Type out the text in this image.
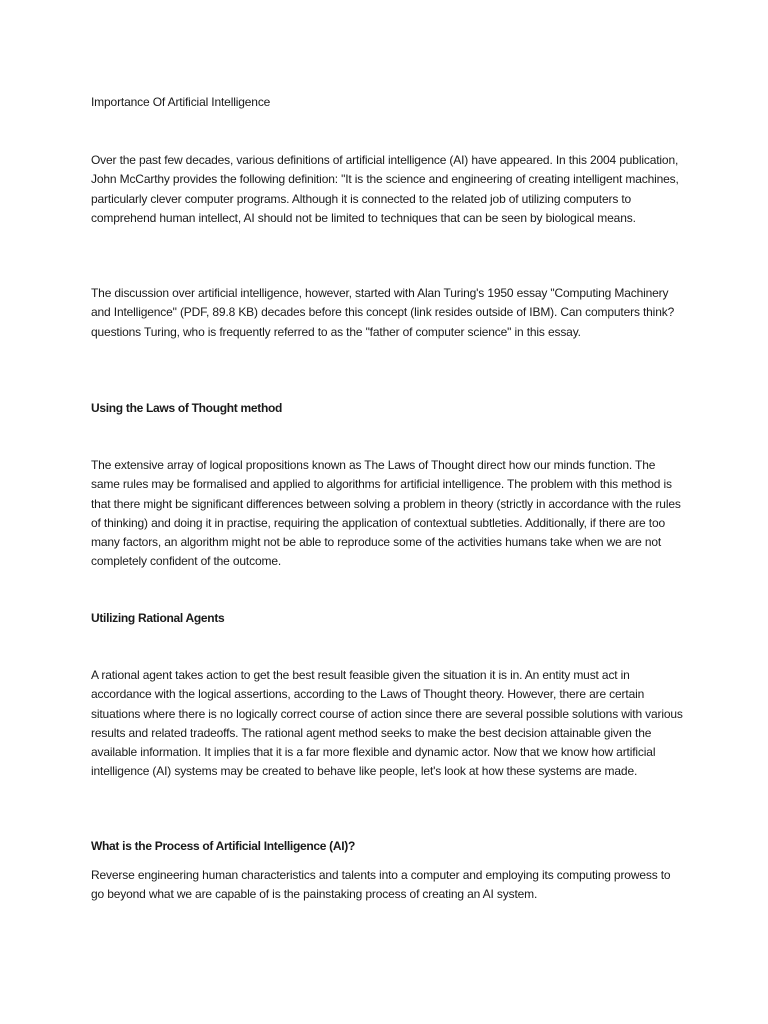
Importance Of Artificial Intelligence
Over the past few decades, various definitions of artificial intelligence (AI) have appeared. In this 2004 publication, John McCarthy provides the following definition: "It is the science and engineering of creating intelligent machines, particularly clever computer programs. Although it is connected to the related job of utilizing computers to comprehend human intellect, AI should not be limited to techniques that can be seen by biological means.
The discussion over artificial intelligence, however, started with Alan Turing's 1950 essay "Computing Machinery and Intelligence" (PDF, 89.8 KB) decades before this concept (link resides outside of IBM). Can computers think? questions Turing, who is frequently referred to as the "father of computer science" in this essay.
Using the Laws of Thought method
The extensive array of logical propositions known as The Laws of Thought direct how our minds function. The same rules may be formalised and applied to algorithms for artificial intelligence. The problem with this method is that there might be significant differences between solving a problem in theory (strictly in accordance with the rules of thinking) and doing it in practise, requiring the application of contextual subtleties. Additionally, if there are too many factors, an algorithm might not be able to reproduce some of the activities humans take when we are not completely confident of the outcome.
Utilizing Rational Agents
A rational agent takes action to get the best result feasible given the situation it is in. An entity must act in accordance with the logical assertions, according to the Laws of Thought theory. However, there are certain situations where there is no logically correct course of action since there are several possible solutions with various results and related tradeoffs. The rational agent method seeks to make the best decision attainable given the available information. It implies that it is a far more flexible and dynamic actor. Now that we know how artificial intelligence (AI) systems may be created to behave like people, let's look at how these systems are made.
What is the Process of Artificial Intelligence (AI)?
Reverse engineering human characteristics and talents into a computer and employing its computing prowess to go beyond what we are capable of is the painstaking process of creating an AI system.
